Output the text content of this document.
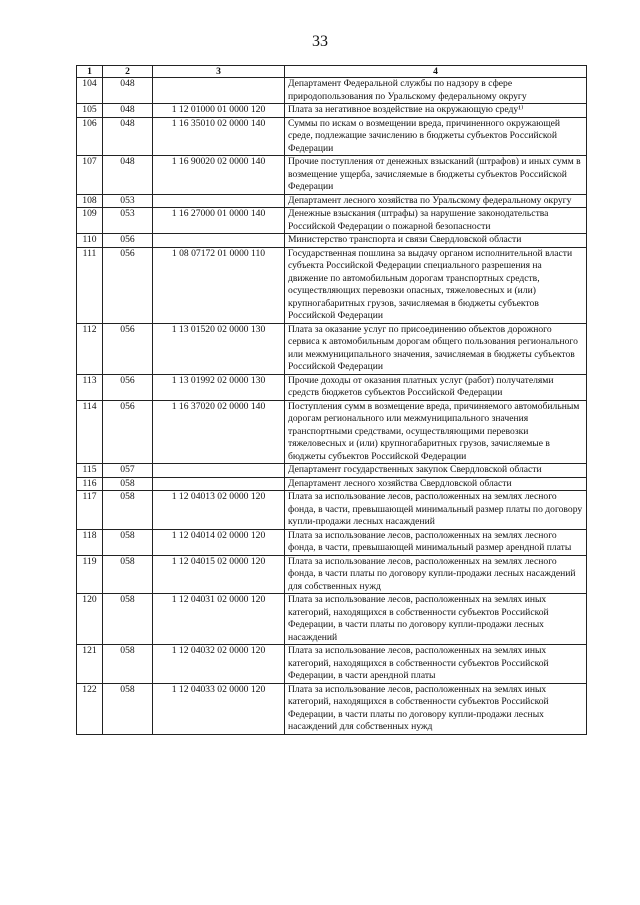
33
1	2	3	4
104	048		Департамент Федеральной службы по надзору в сфере природопользования по Уральскому федеральному округу
105	048	1 12 01000 01 0000 120	Плата за негативное воздействие на окружающую среду¹⁾
106	048	1 16 35010 02 0000 140	Суммы по искам о возмещении вреда, причиненного окружающей среде, подлежащие зачислению в бюджеты субъектов Российской Федерации
107	048	1 16 90020 02 0000 140	Прочие поступления от денежных взысканий (штрафов) и иных сумм в возмещение ущерба, зачисляемые в бюджеты субъектов Российской Федерации
108	053		Департамент лесного хозяйства по Уральскому федеральному округу
109	053	1 16 27000 01 0000 140	Денежные взыскания (штрафы) за нарушение законодательства Российской Федерации о пожарной безопасности
110	056		Министерство транспорта и связи Свердловской области
111	056	1 08 07172 01 0000 110	Государственная пошлина за выдачу органом исполнительной власти субъекта Российской Федерации специального разрешения на движение по автомобильным дорогам транспортных средств, осуществляющих перевозки опасных, тяжеловесных и (или) крупногабаритных грузов, зачисляемая в бюджеты субъектов Российской Федерации
112	056	1 13 01520 02 0000 130	Плата за оказание услуг по присоединению объектов дорожного сервиса к автомобильным дорогам общего пользования регионального или межмуниципального значения, зачисляемая в бюджеты субъектов Российской Федерации
113	056	1 13 01992 02 0000 130	Прочие доходы от оказания платных услуг (работ) получателями средств бюджетов субъектов Российской Федерации
114	056	1 16 37020 02 0000 140	Поступления сумм в возмещение вреда, причиняемого автомобильным дорогам регионального или межмуниципального значения транспортными средствами, осуществляющими перевозки тяжеловесных и (или) крупногабаритных грузов, зачисляемые в бюджеты субъектов Российской Федерации
115	057		Департамент государственных закупок Свердловской области
116	058		Департамент лесного хозяйства Свердловской области
117	058	1 12 04013 02 0000 120	Плата за использование лесов, расположенных на землях лесного фонда, в части, превышающей минимальный размер платы по договору купли-продажи лесных насаждений
118	058	1 12 04014 02 0000 120	Плата за использование лесов, расположенных на землях лесного фонда, в части, превышающей минимальный размер арендной платы
119	058	1 12 04015 02 0000 120	Плата за использование лесов, расположенных на землях лесного фонда, в части платы по договору купли-продажи лесных насаждений для собственных нужд
120	058	1 12 04031 02 0000 120	Плата за использование лесов, расположенных на землях иных категорий, находящихся в собственности субъектов Российской Федерации, в части платы по договору купли-продажи лесных насаждений
121	058	1 12 04032 02 0000 120	Плата за использование лесов, расположенных на землях иных категорий, находящихся в собственности субъектов Российской Федерации, в части арендной платы
122	058	1 12 04033 02 0000 120	Плата за использование лесов, расположенных на землях иных категорий, находящихся в собственности субъектов Российской Федерации, в части платы по договору купли-продажи лесных насаждений для собственных нужд
